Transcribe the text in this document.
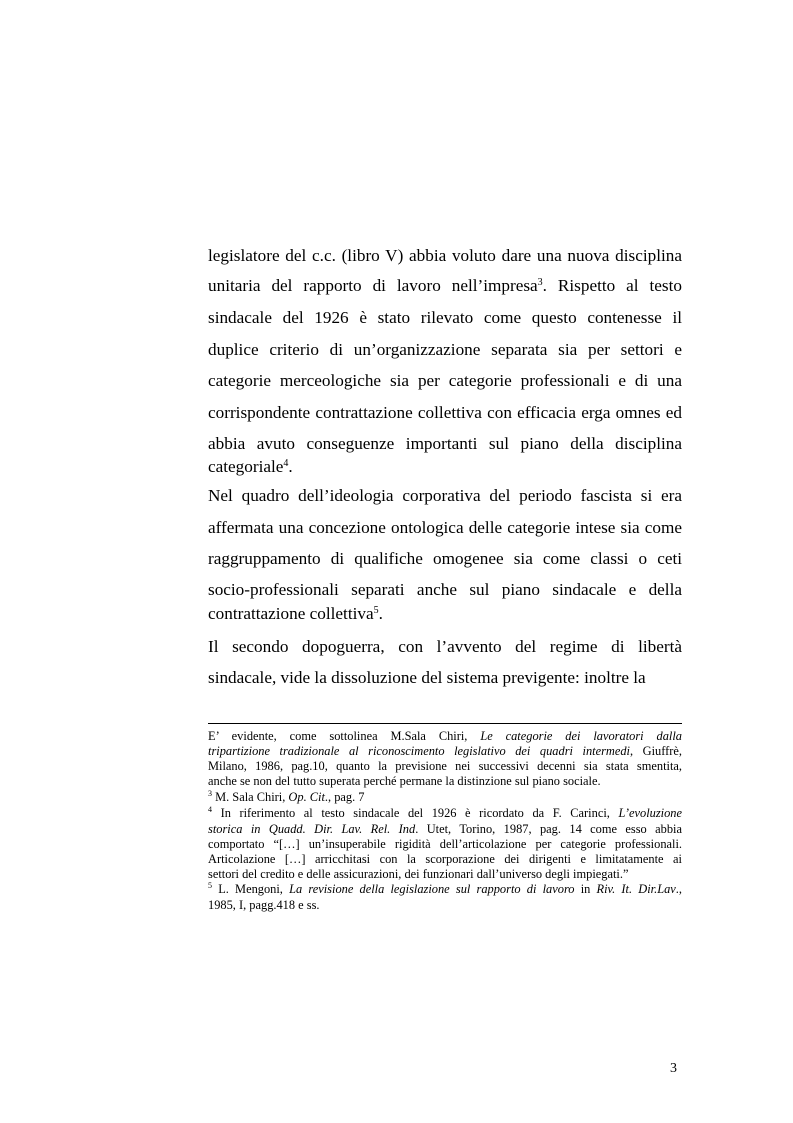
legislatore del c.c. (libro V) abbia voluto dare una nuova disciplina
unitaria del rapporto di lavoro nell’impresa$^3$. Rispetto al testo
sindacale del 1926 è stato rilevato come questo contenesse il
duplice criterio di un’organizzazione separata sia per settori e
categorie merceologiche sia per categorie professionali e di una
corrispondente contrattazione collettiva con efficacia erga omnes ed
abbia avuto conseguenze importanti sul piano della disciplina
categoriale$^4$.
Nel quadro dell’ideologia corporativa del periodo fascista si era
affermata una concezione ontologica delle categorie intese sia come
raggruppamento di qualifiche omogenee sia come classi o ceti
socio-professionali separati anche sul piano sindacale e della
contrattazione collettiva$^5$.
Il secondo dopoguerra, con l’avvento del regime di libertà
sindacale, vide la dissoluzione del sistema previgente: inoltre la
E’ evidente, come sottolinea M.Sala Chiri, Le categorie dei lavoratori dalla
tripartizione tradizionale al riconoscimento legislativo dei quadri intermedi, Giuffrè,
Milano, 1986, pag.10, quanto la previsione nei successivi decenni sia stata smentita,
anche se non del tutto superata perché permane la distinzione sul piano sociale.
$^3$ M. Sala Chiri, Op. Cit., pag. 7
$^4$ In riferimento al testo sindacale del 1926 è ricordato da F. Carinci, L’evoluzione
storica in Quadd. Dir. Lav. Rel. Ind. Utet, Torino, 1987, pag. 14 come esso abbia
comportato “[…] un’insuperabile rigidità dell’articolazione per categorie professionali.
Articolazione […] arricchitasi con la scorporazione dei dirigenti e limitatamente ai
settori del credito e delle assicurazioni, dei funzionari dall’universo degli impiegati.”
$^5$ L. Mengoni, La revisione della legislazione sul rapporto di lavoro in Riv. It. Dir.Lav.,
1985, I, pagg.418 e ss.
3
